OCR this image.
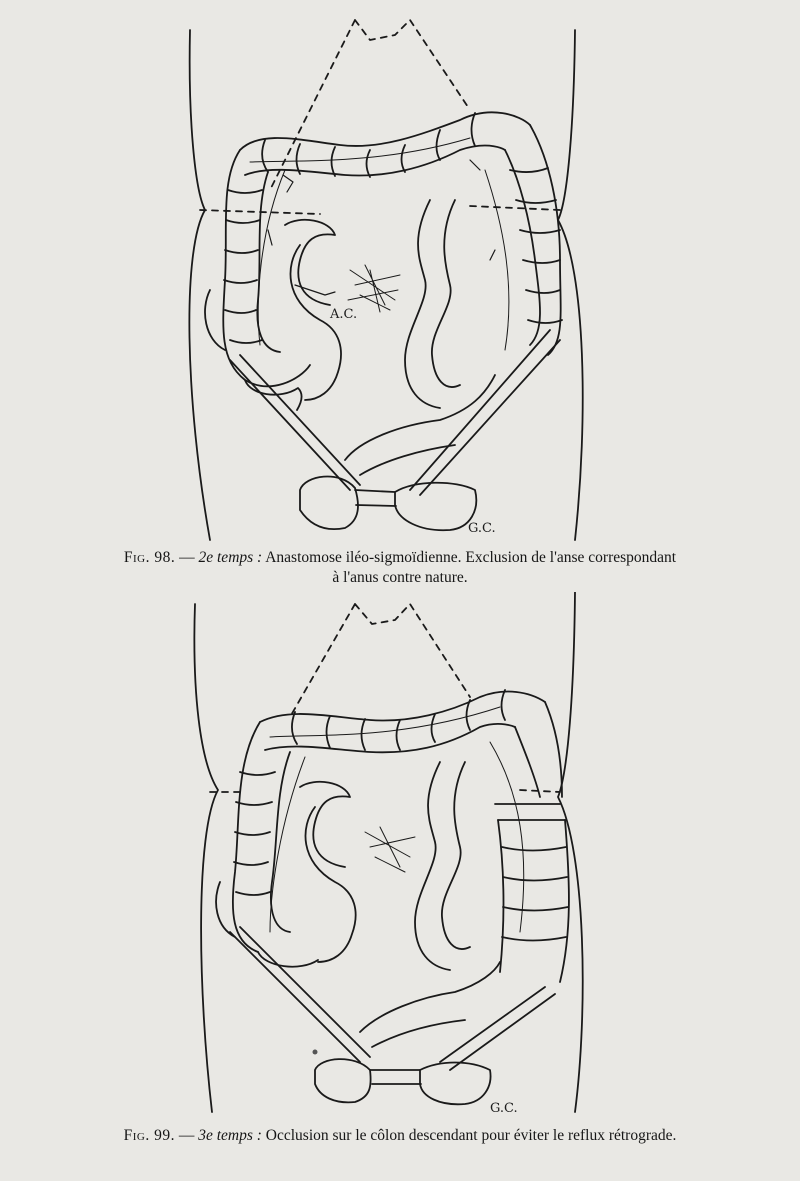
A.C.
G.C.
Fig. 98. — 2e temps : Anastomose iléo-sigmoïdienne. Exclusion de l'anse correspondant
à l'anus contre nature.
G.C.
Fig. 99. — 3e temps : Occlusion sur le côlon descendant pour éviter le reflux rétrograde.
